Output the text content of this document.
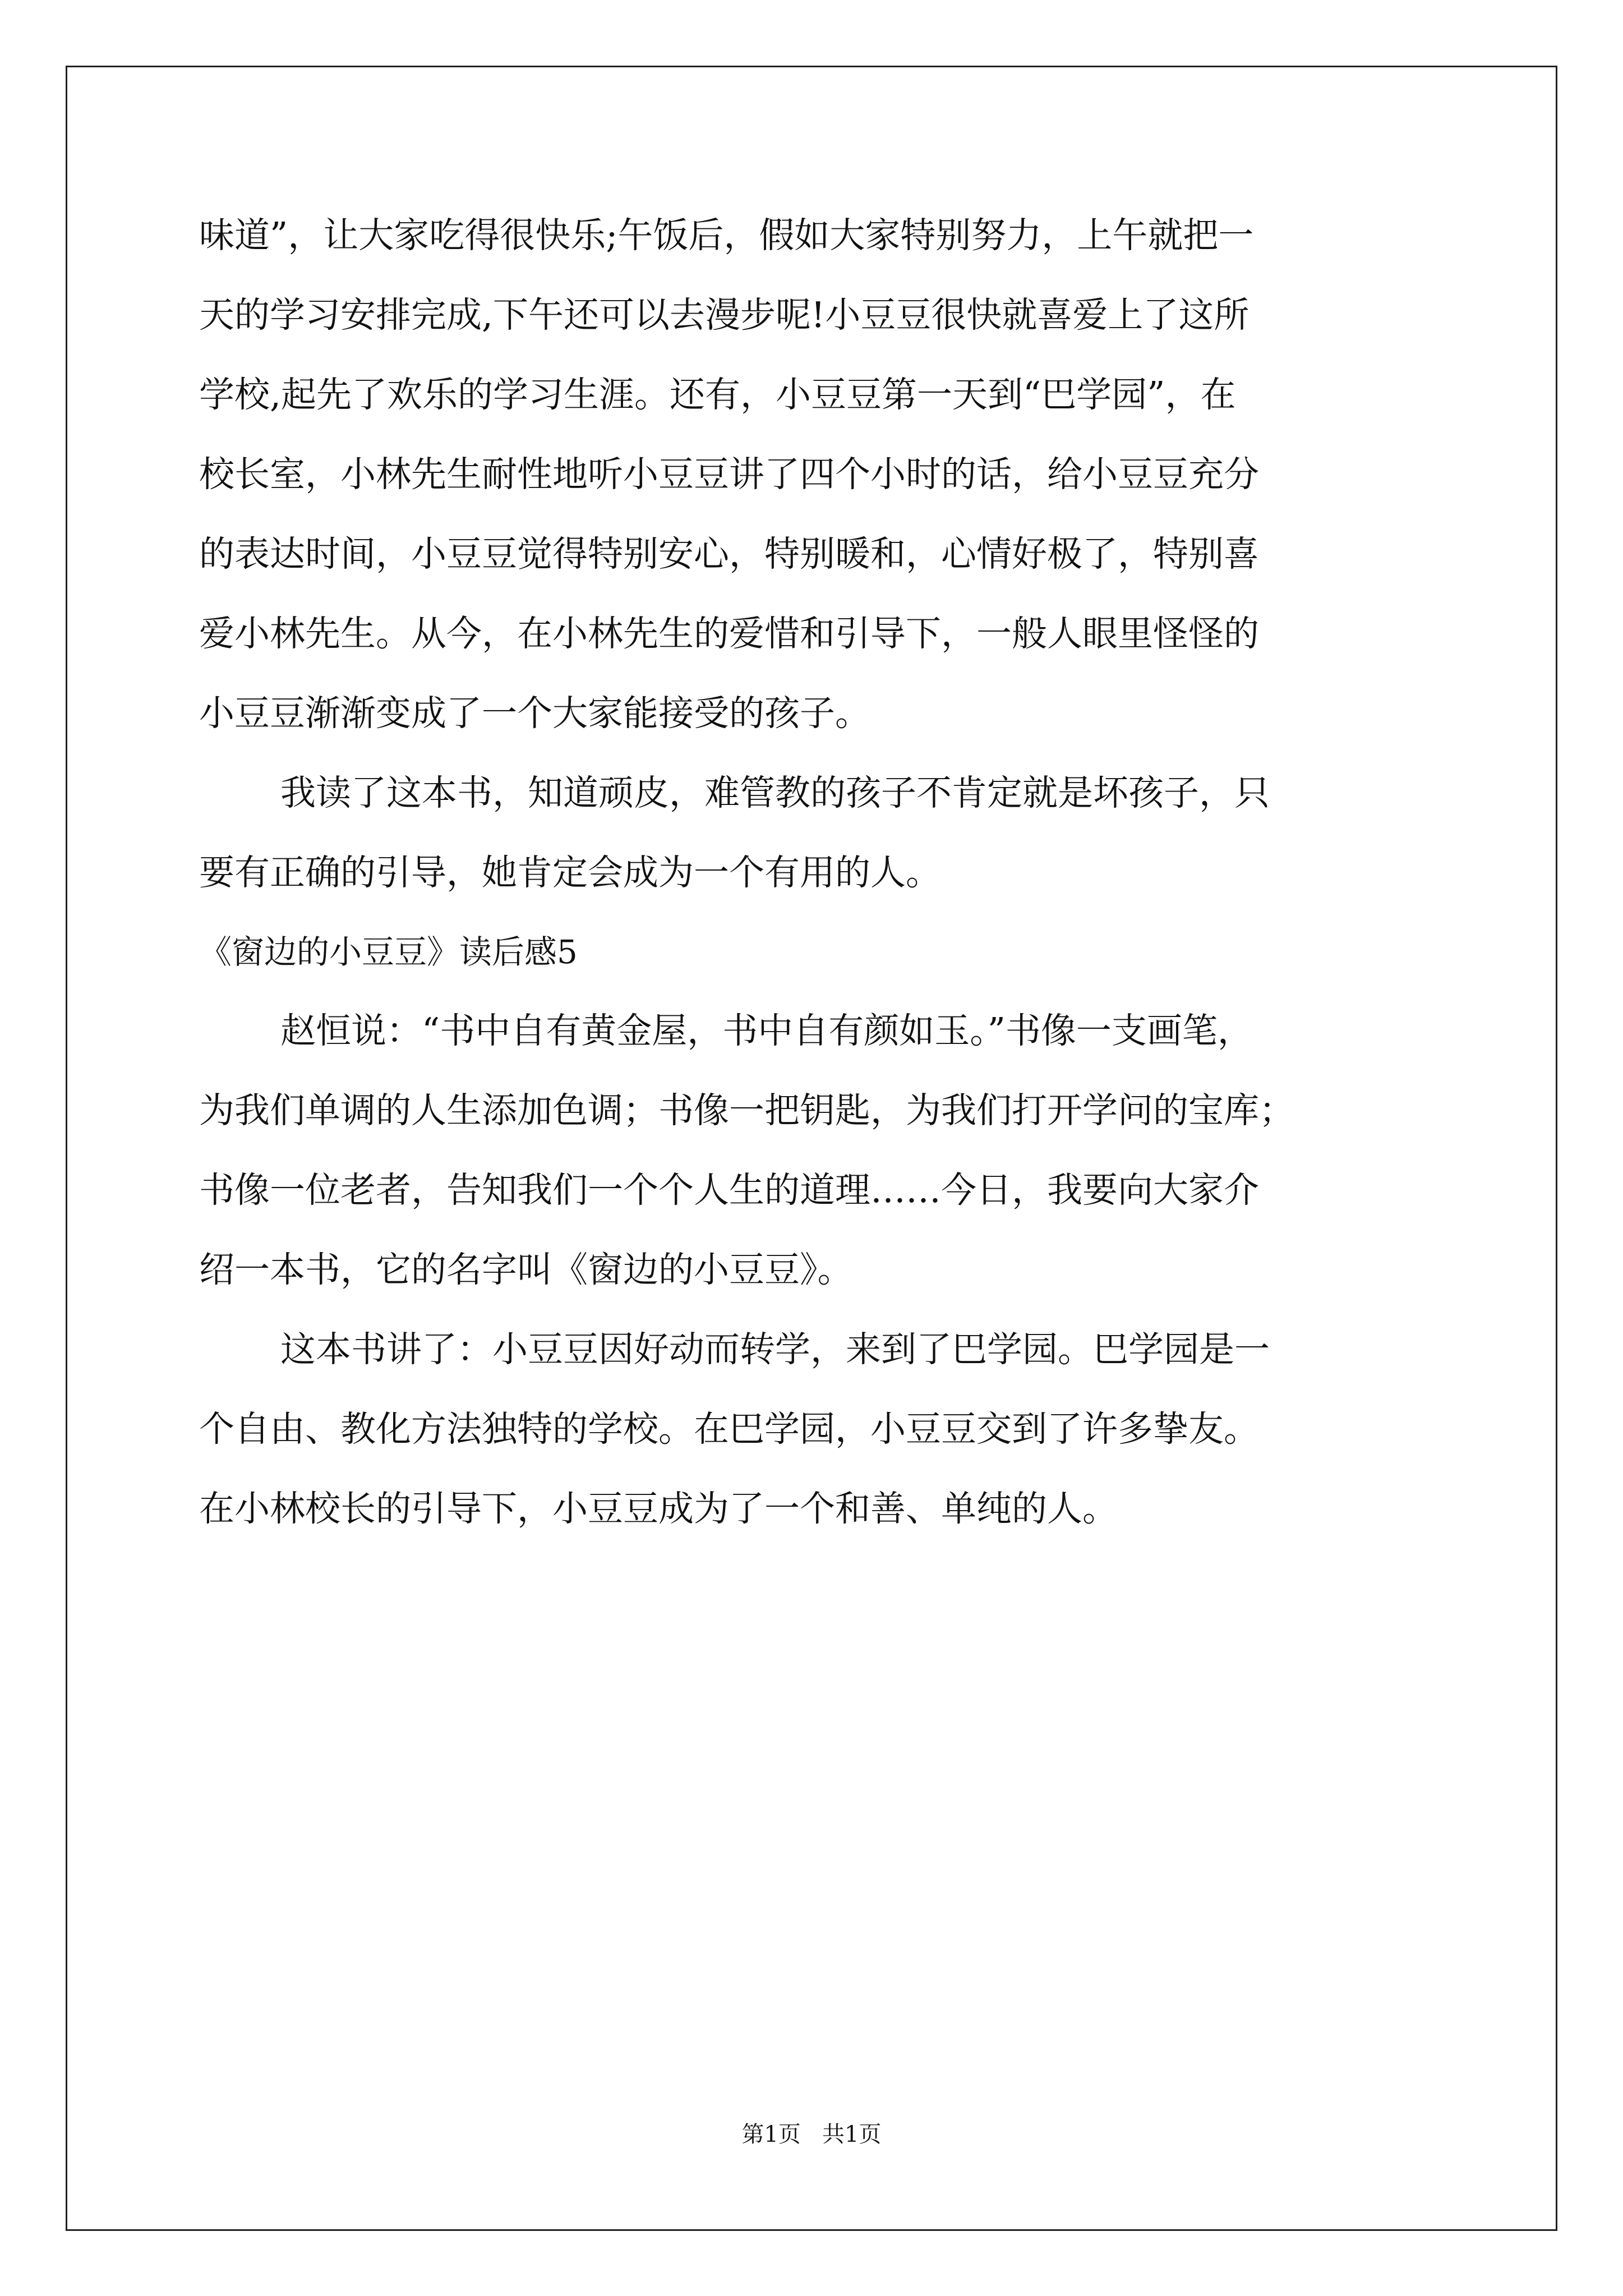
味道”，让大家吃得很快乐;午饭后，假如大家特别努力，上午就把一
天的学习安排完成,下午还可以去漫步呢!小豆豆很快就喜爱上了这所
学校,起先了欢乐的学习生涯。还有，小豆豆第一天到“巴学园”，在
校长室，小林先生耐性地听小豆豆讲了四个小时的话，给小豆豆充分
的表达时间，小豆豆觉得特别安心，特别暖和，心情好极了，特别喜
爱小林先生。从今，在小林先生的爱惜和引导下，一般人眼里怪怪的
小豆豆渐渐变成了一个大家能接受的孩子。
我读了这本书，知道顽皮，难管教的孩子不肯定就是坏孩子，只
要有正确的引导，她肯定会成为一个有用的人。
《窗边的小豆豆》读后感5
赵恒说：“书中自有黄金屋，书中自有颜如玉。”书像一支画笔，
为我们单调的人生添加色调；书像一把钥匙，为我们打开学问的宝库；
书像一位老者，告知我们一个个人生的道理……今日，我要向大家介
绍一本书，它的名字叫《窗边的小豆豆》。
这本书讲了：小豆豆因好动而转学，来到了巴学园。巴学园是一
个自由、教化方法独特的学校。在巴学园，小豆豆交到了许多挚友。
在小林校长的引导下，小豆豆成为了一个和善、单纯的人。
第1页   共1页
